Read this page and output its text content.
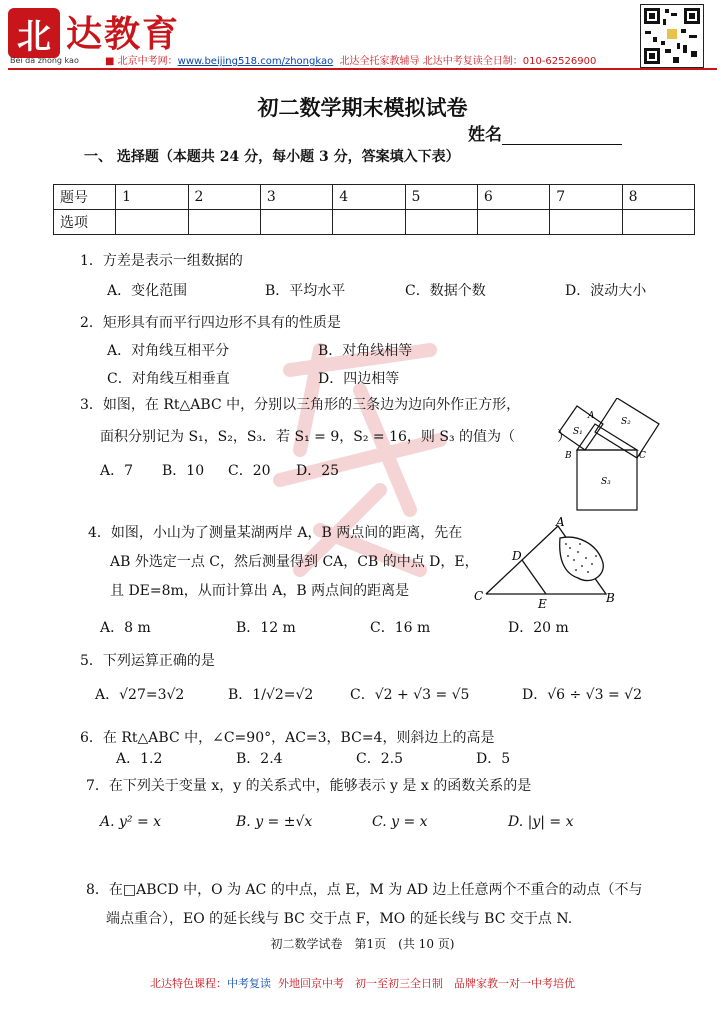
北 达教育
Bei da zhong kao	■ 北京中考网：www.beijing518.com/zhongkao 北达全托家教辅导 北达中考复读全日制：010-62526900
初二数学期末模拟试卷
姓名
一、 选择题（本题共 24 分，每小题 3 分，答案填入下表）
题号	1	2	3	4	5	6	7	8
选项								
1．方差是表示一组数据的
A．变化范围	B．平均水平	C．数据个数	D．波动大小
2．矩形具有而平行四边形不具有的性质是
A．对角线互相平分	B．对角线相等
C．对角线互相垂直	D．四边相等
3．如图，在 Rt△ABC 中，分别以三角形的三条边为边向外作正方形，
面积分别记为 S₁，S₂，S₃．若 S₁ = 9，S₂ = 16，则 S₃ 的值为（　　　）
A．7 B．10 C．20 D．25
A
B	C
S₁
S₂
S₃
4．如图，小山为了测量某湖两岸 A，B 两点间的距离，先在
AB 外选定一点 C，然后测量得到 CA，CB 的中点 D，E，
且 DE=8m，从而计算出 A，B 两点间的距离是
A．8 m	B．12 m	C．16 m	D．20 m
A
D
C
E	B
5．下列运算正确的是
A．√27=3√2	B．1/√2=√2	C．√2 + √3 = √5	D．√6 ÷ √3 = √2
6．在 Rt△ABC 中，∠C=90°，AC=3，BC=4，则斜边上的高是
A．1.2	B．2.4	C．2.5	D．5
7．在下列关于变量 x，y 的关系式中，能够表示 y 是 x 的函数关系的是
A. y² = x	B. y = ±√x	C. y = x	D. |y| = x
8．在□ABCD 中，O 为 AC 的中点，点 E，M 为 AD 边上任意两个不重合的动点（不与
端点重合），EO 的延长线与 BC 交于点 F，MO 的延长线与 BC 交于点 N.
初二数学试卷　第1页　(共 10 页)
北达特色课程：中考复读 外地回京中考　初一至初三全日制　品牌家教一对一中考培优
